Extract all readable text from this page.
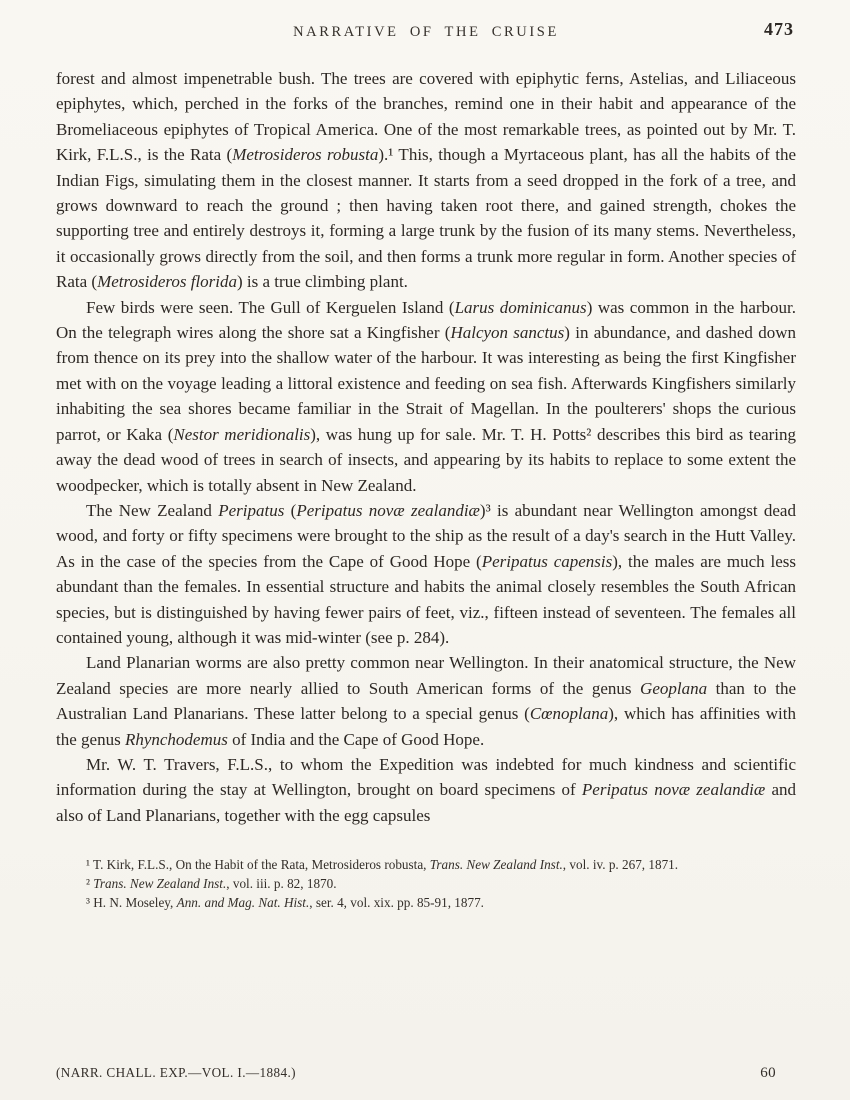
NARRATIVE OF THE CRUISE	473

forest and almost impenetrable bush. The trees are covered with epiphytic ferns, Astelias, and Liliaceous epiphytes, which, perched in the forks of the branches, remind one in their habit and appearance of the Bromeliaceous epiphytes of Tropical America. One of the most remarkable trees, as pointed out by Mr. T. Kirk, F.L.S., is the Rata (Metrosideros robusta).¹ This, though a Myrtaceous plant, has all the habits of the Indian Figs, simulating them in the closest manner. It starts from a seed dropped in the fork of a tree, and grows downward to reach the ground ; then having taken root there, and gained strength, chokes the supporting tree and entirely destroys it, forming a large trunk by the fusion of its many stems. Nevertheless, it occasionally grows directly from the soil, and then forms a trunk more regular in form. Another species of Rata (Metrosideros florida) is a true climbing plant.

Few birds were seen. The Gull of Kerguelen Island (Larus dominicanus) was common in the harbour. On the telegraph wires along the shore sat a Kingfisher (Halcyon sanctus) in abundance, and dashed down from thence on its prey into the shallow water of the harbour. It was interesting as being the first Kingfisher met with on the voyage leading a littoral existence and feeding on sea fish. Afterwards Kingfishers similarly inhabiting the sea shores became familiar in the Strait of Magellan. In the poulterers' shops the curious parrot, or Kaka (Nestor meridionalis), was hung up for sale. Mr. T. H. Potts² describes this bird as tearing away the dead wood of trees in search of insects, and appearing by its habits to replace to some extent the woodpecker, which is totally absent in New Zealand.

The New Zealand Peripatus (Peripatus novæ zealandiæ)³ is abundant near Wellington amongst dead wood, and forty or fifty specimens were brought to the ship as the result of a day's search in the Hutt Valley. As in the case of the species from the Cape of Good Hope (Peripatus capensis), the males are much less abundant than the females. In essential structure and habits the animal closely resembles the South African species, but is distinguished by having fewer pairs of feet, viz., fifteen instead of seventeen. The females all contained young, although it was mid-winter (see p. 284).

Land Planarian worms are also pretty common near Wellington. In their anatomical structure, the New Zealand species are more nearly allied to South American forms of the genus Geoplana than to the Australian Land Planarians. These latter belong to a special genus (Cœnoplana), which has affinities with the genus Rhynchodemus of India and the Cape of Good Hope.

Mr. W. T. Travers, F.L.S., to whom the Expedition was indebted for much kindness and scientific information during the stay at Wellington, brought on board specimens of Peripatus novæ zealandiæ and also of Land Planarians, together with the egg capsules

¹ T. Kirk, F.L.S., On the Habit of the Rata, Metrosideros robusta, Trans. New Zealand Inst., vol. iv. p. 267, 1871.

² Trans. New Zealand Inst., vol. iii. p. 82, 1870.

³ H. N. Moseley, Ann. and Mag. Nat. Hist., ser. 4, vol. xix. pp. 85-91, 1877.

(NARR. CHALL. EXP.—VOL. I.—1884.)	60
